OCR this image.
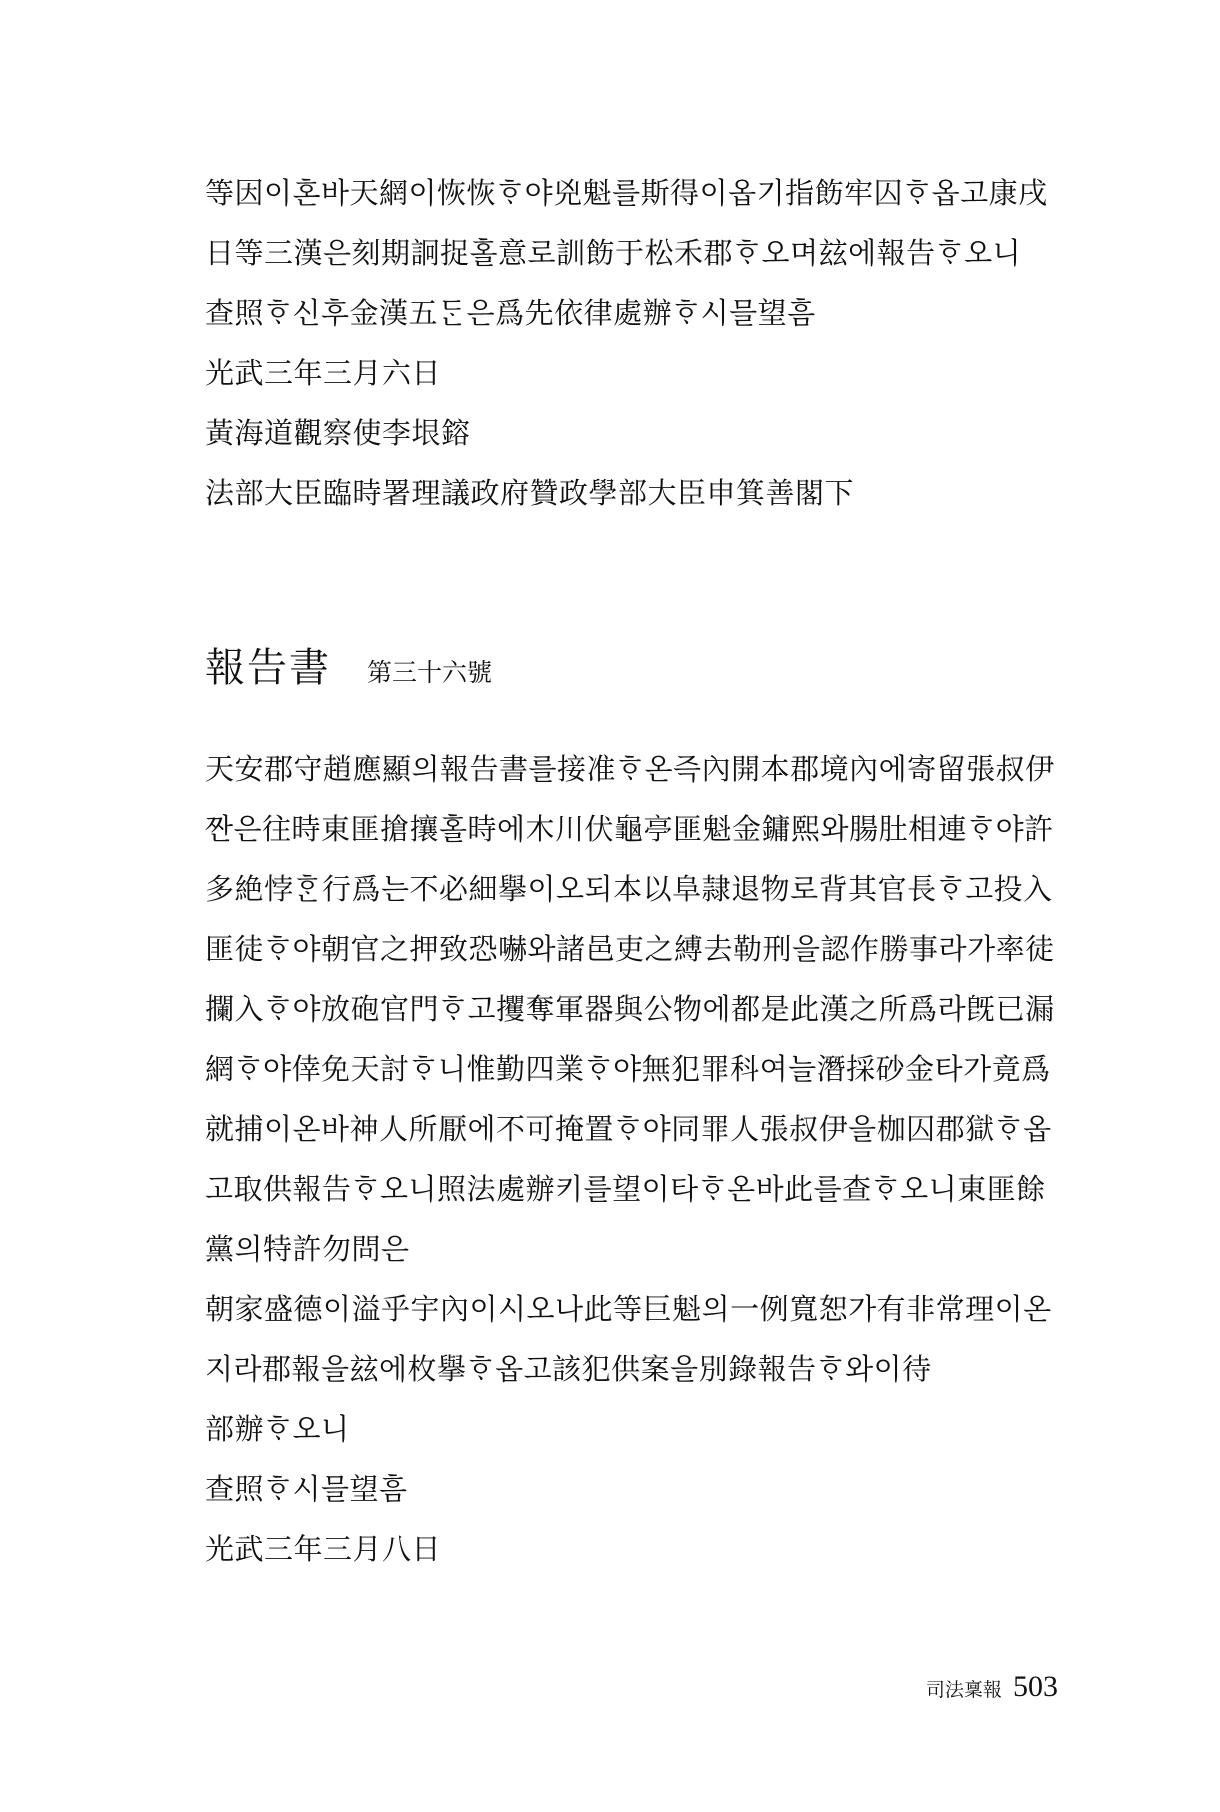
等因이혼바天網이恢恢ᄒᆞ야兇魁를斯得이옵기指飭牢囚ᄒᆞ옵고康戌
日等三漢은刻期詗捉홀意로訓飭于松禾郡ᄒᆞ오며玆에報告ᄒᆞ오니
查照ᄒᆞ신후金漢五ᄃᆞᆫ은爲先依律處辦ᄒᆞ시믈望흠
光武三年三月六日
黃海道觀察使李垠鎔
法部大臣臨時署理議政府贊政學部大臣申箕善閣下
報告書 第三十六號
天安郡守趙應顯의報告書를接准ᄒᆞ온즉內開本郡境內에寄留張叔伊
짠은往時東匪搶攘홀時에木川伏龜亭匪魁金鏞熙와腸肚相連ᄒᆞ야許
多絶悖ᄒᆞᆫ行爲는不必細擧이오되本以阜隷退物로背其官長ᄒᆞ고投入
匪徒ᄒᆞ야朝官之押致恐嚇와諸邑吏之縛去勒刑을認作勝事라가率徒
攔入ᄒᆞ야放砲官門ᄒᆞ고攫奪軍器與公物에都是此漢之所爲라旣已漏
網ᄒᆞ야倖免天討ᄒᆞ니惟勤四業ᄒᆞ야無犯罪科여늘潛採砂金타가竟爲
就捕이온바神人所厭에不可掩置ᄒᆞ야同罪人張叔伊을枷囚郡獄ᄒᆞ옵
고取供報告ᄒᆞ오니照法處辦키를望이타ᄒᆞ온바此를查ᄒᆞ오니東匪餘
黨의特許勿問은
朝家盛德이溢乎宇內이시오나此等巨魁의一例寬恕가有非常理이온
지라郡報을玆에枚擧ᄒᆞ옵고該犯供案을別錄報告ᄒᆞ와이待
部辦ᄒᆞ오니
查照ᄒᆞ시믈望흠
光武三年三月八日
司法稟報 503
